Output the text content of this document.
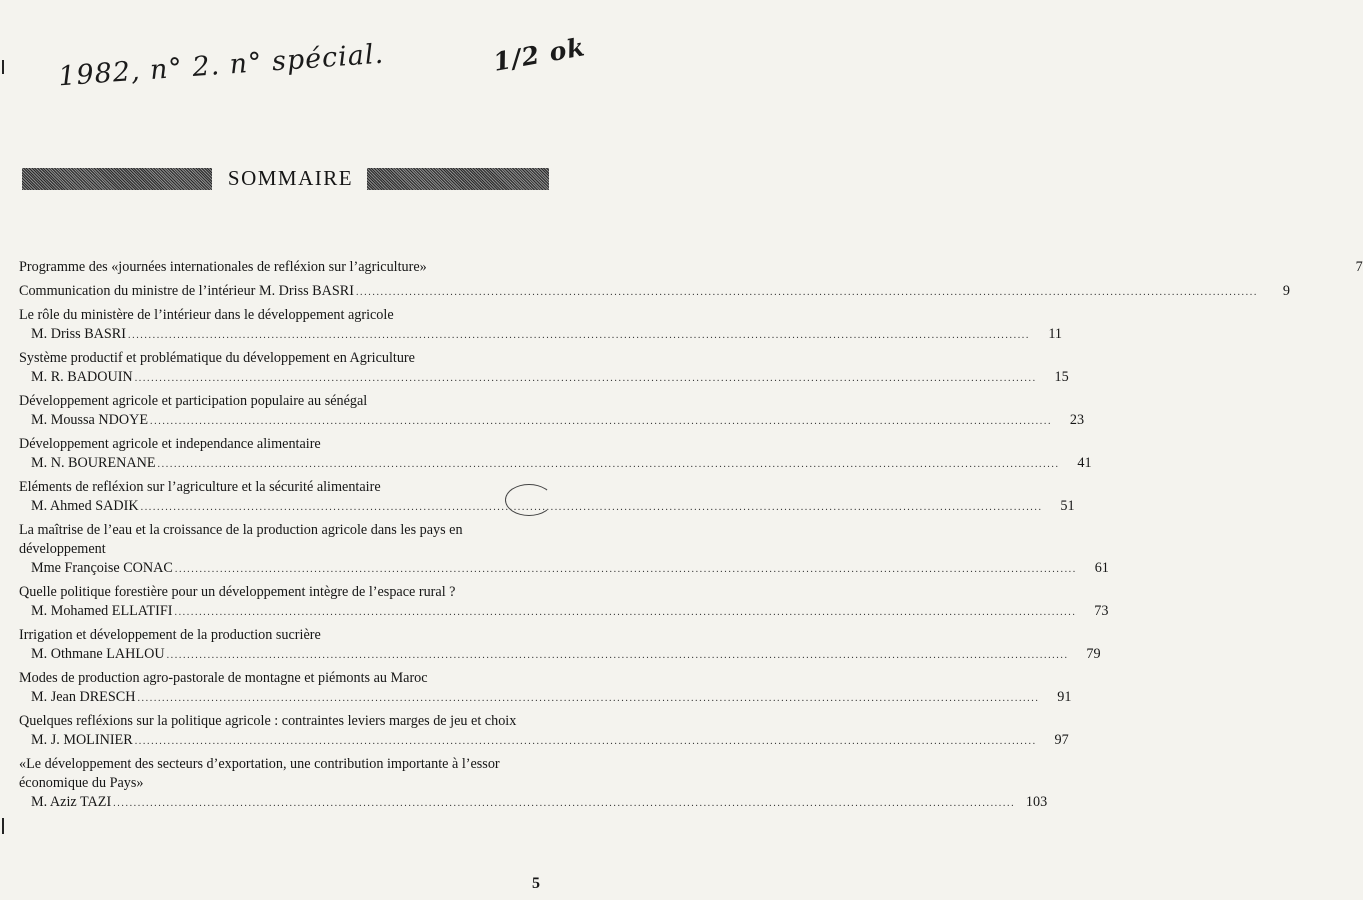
1982, n° 2. n° spécial.	1/2 ok
SOMMAIRE
Programme des «journées internationales de refléxion sur l’agriculture»	7
Communication du ministre de l’intérieur M. Driss BASRI ............................................................................................................................................................................................................................	9
Le rôle du ministère de l’intérieur dans le développement agricole
M. Driss BASRI ............................................................................................................................................................................................................................	11
Système productif et problématique du développement en Agriculture
M. R. BADOUIN ............................................................................................................................................................................................................................	15
Développement agricole et participation populaire au sénégal
M. Moussa NDOYE ............................................................................................................................................................................................................................	23
Développement agricole et independance alimentaire
M. N. BOURENANE ............................................................................................................................................................................................................................	41
Eléments de refléxion sur l’agriculture et la sécurité alimentaire
M. Ahmed SADIK ............................................................................................................................................................................................................................	51
La maîtrise de l’eau et la croissance de la production agricole dans les pays en développement
Mme Françoise CONAC ............................................................................................................................................................................................................................	61
Quelle politique forestière pour un développement intègre de l’espace rural ?
M. Mohamed ELLATIFI ............................................................................................................................................................................................................................	73
Irrigation et développement de la production sucrière
M. Othmane LAHLOU ............................................................................................................................................................................................................................	79
Modes de production agro-pastorale de montagne et piémonts au Maroc
M. Jean DRESCH ............................................................................................................................................................................................................................	91
Quelques refléxions sur la politique agricole : contraintes leviers marges de jeu et choix
M. J. MOLINIER ............................................................................................................................................................................................................................	97
«Le développement des secteurs d’exportation, une contribution importante à l’essor économique du Pays»
M. Aziz TAZI ............................................................................................................................................................................................................................ 103
5
